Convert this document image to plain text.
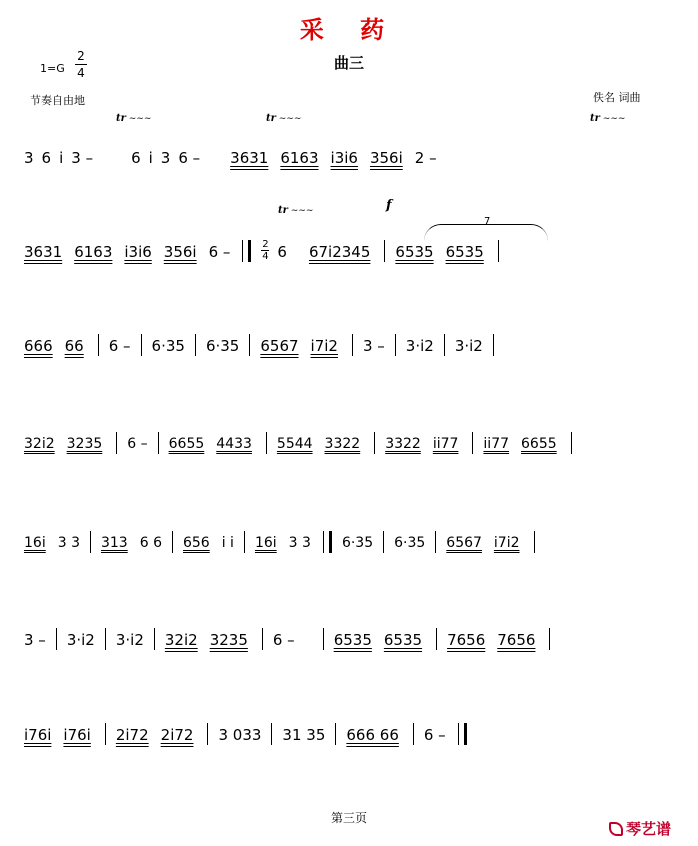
采 药
曲三
1=G
2
4
节奏自由地	佚名 词曲
tr ∼∼∼	tr ∼∼∼	tr ∼∼∼
tr ∼∼∼	f
7
3 6 i 3 –	6 i 3 6 – 3631 6163 i3i6 356i 2 –
3631 6163 i3i6 356i 6 –	2
4 6 67i2345 6535 6535
666 66 6 – 6·35 6·35 6567 i7i2 3 – 3·i2 3·i2
32i2 3235 6 – 6655 4433 5544 3322 3322 ii77 ii77 6655
16i 3 3 313 6 6 656 i i 16i 3 3 6·35 6·35 6567 i7i2
3 – 3·i2 3·i2 32i2 3235 6 –	6535 6535 7656 7656
i76i i76i 2i72 2i72 3 033 31 35 666 66 6 –
第三页
琴艺谱
